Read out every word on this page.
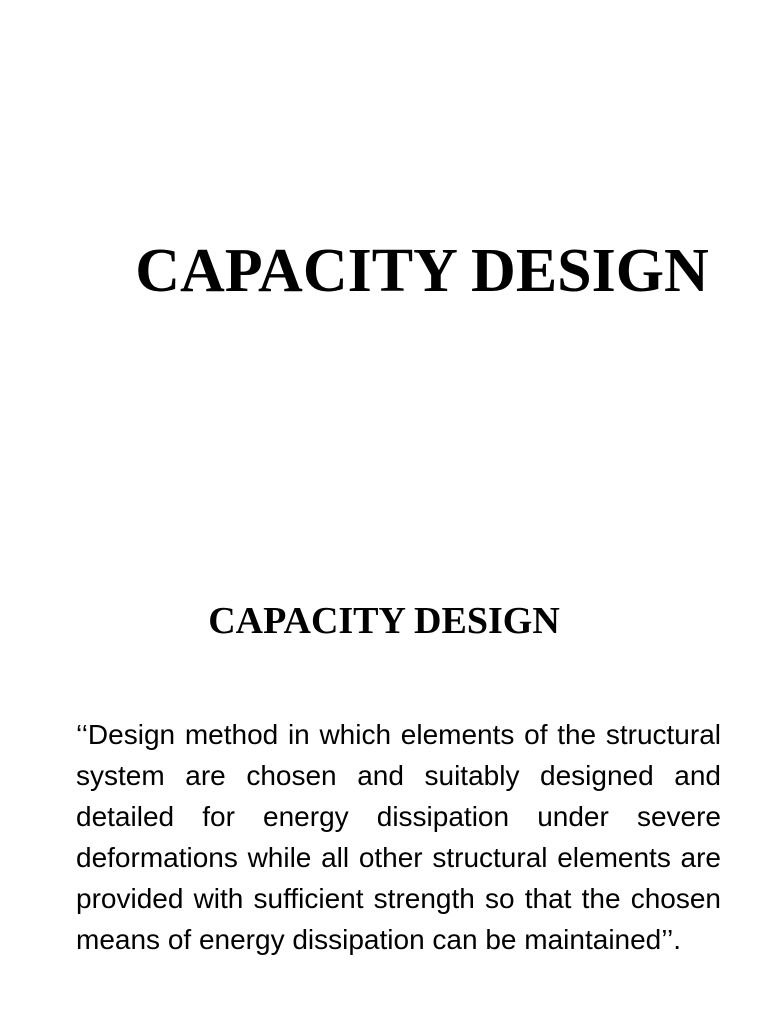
CAPACITY DESIGN
CAPACITY DESIGN

‘‘Design method in which elements of the structural system are chosen and suitably designed and detailed for energy dissipation under severe deformations while all other structural elements are provided with sufficient strength so that the chosen means of energy dissipation can be maintained’’.
